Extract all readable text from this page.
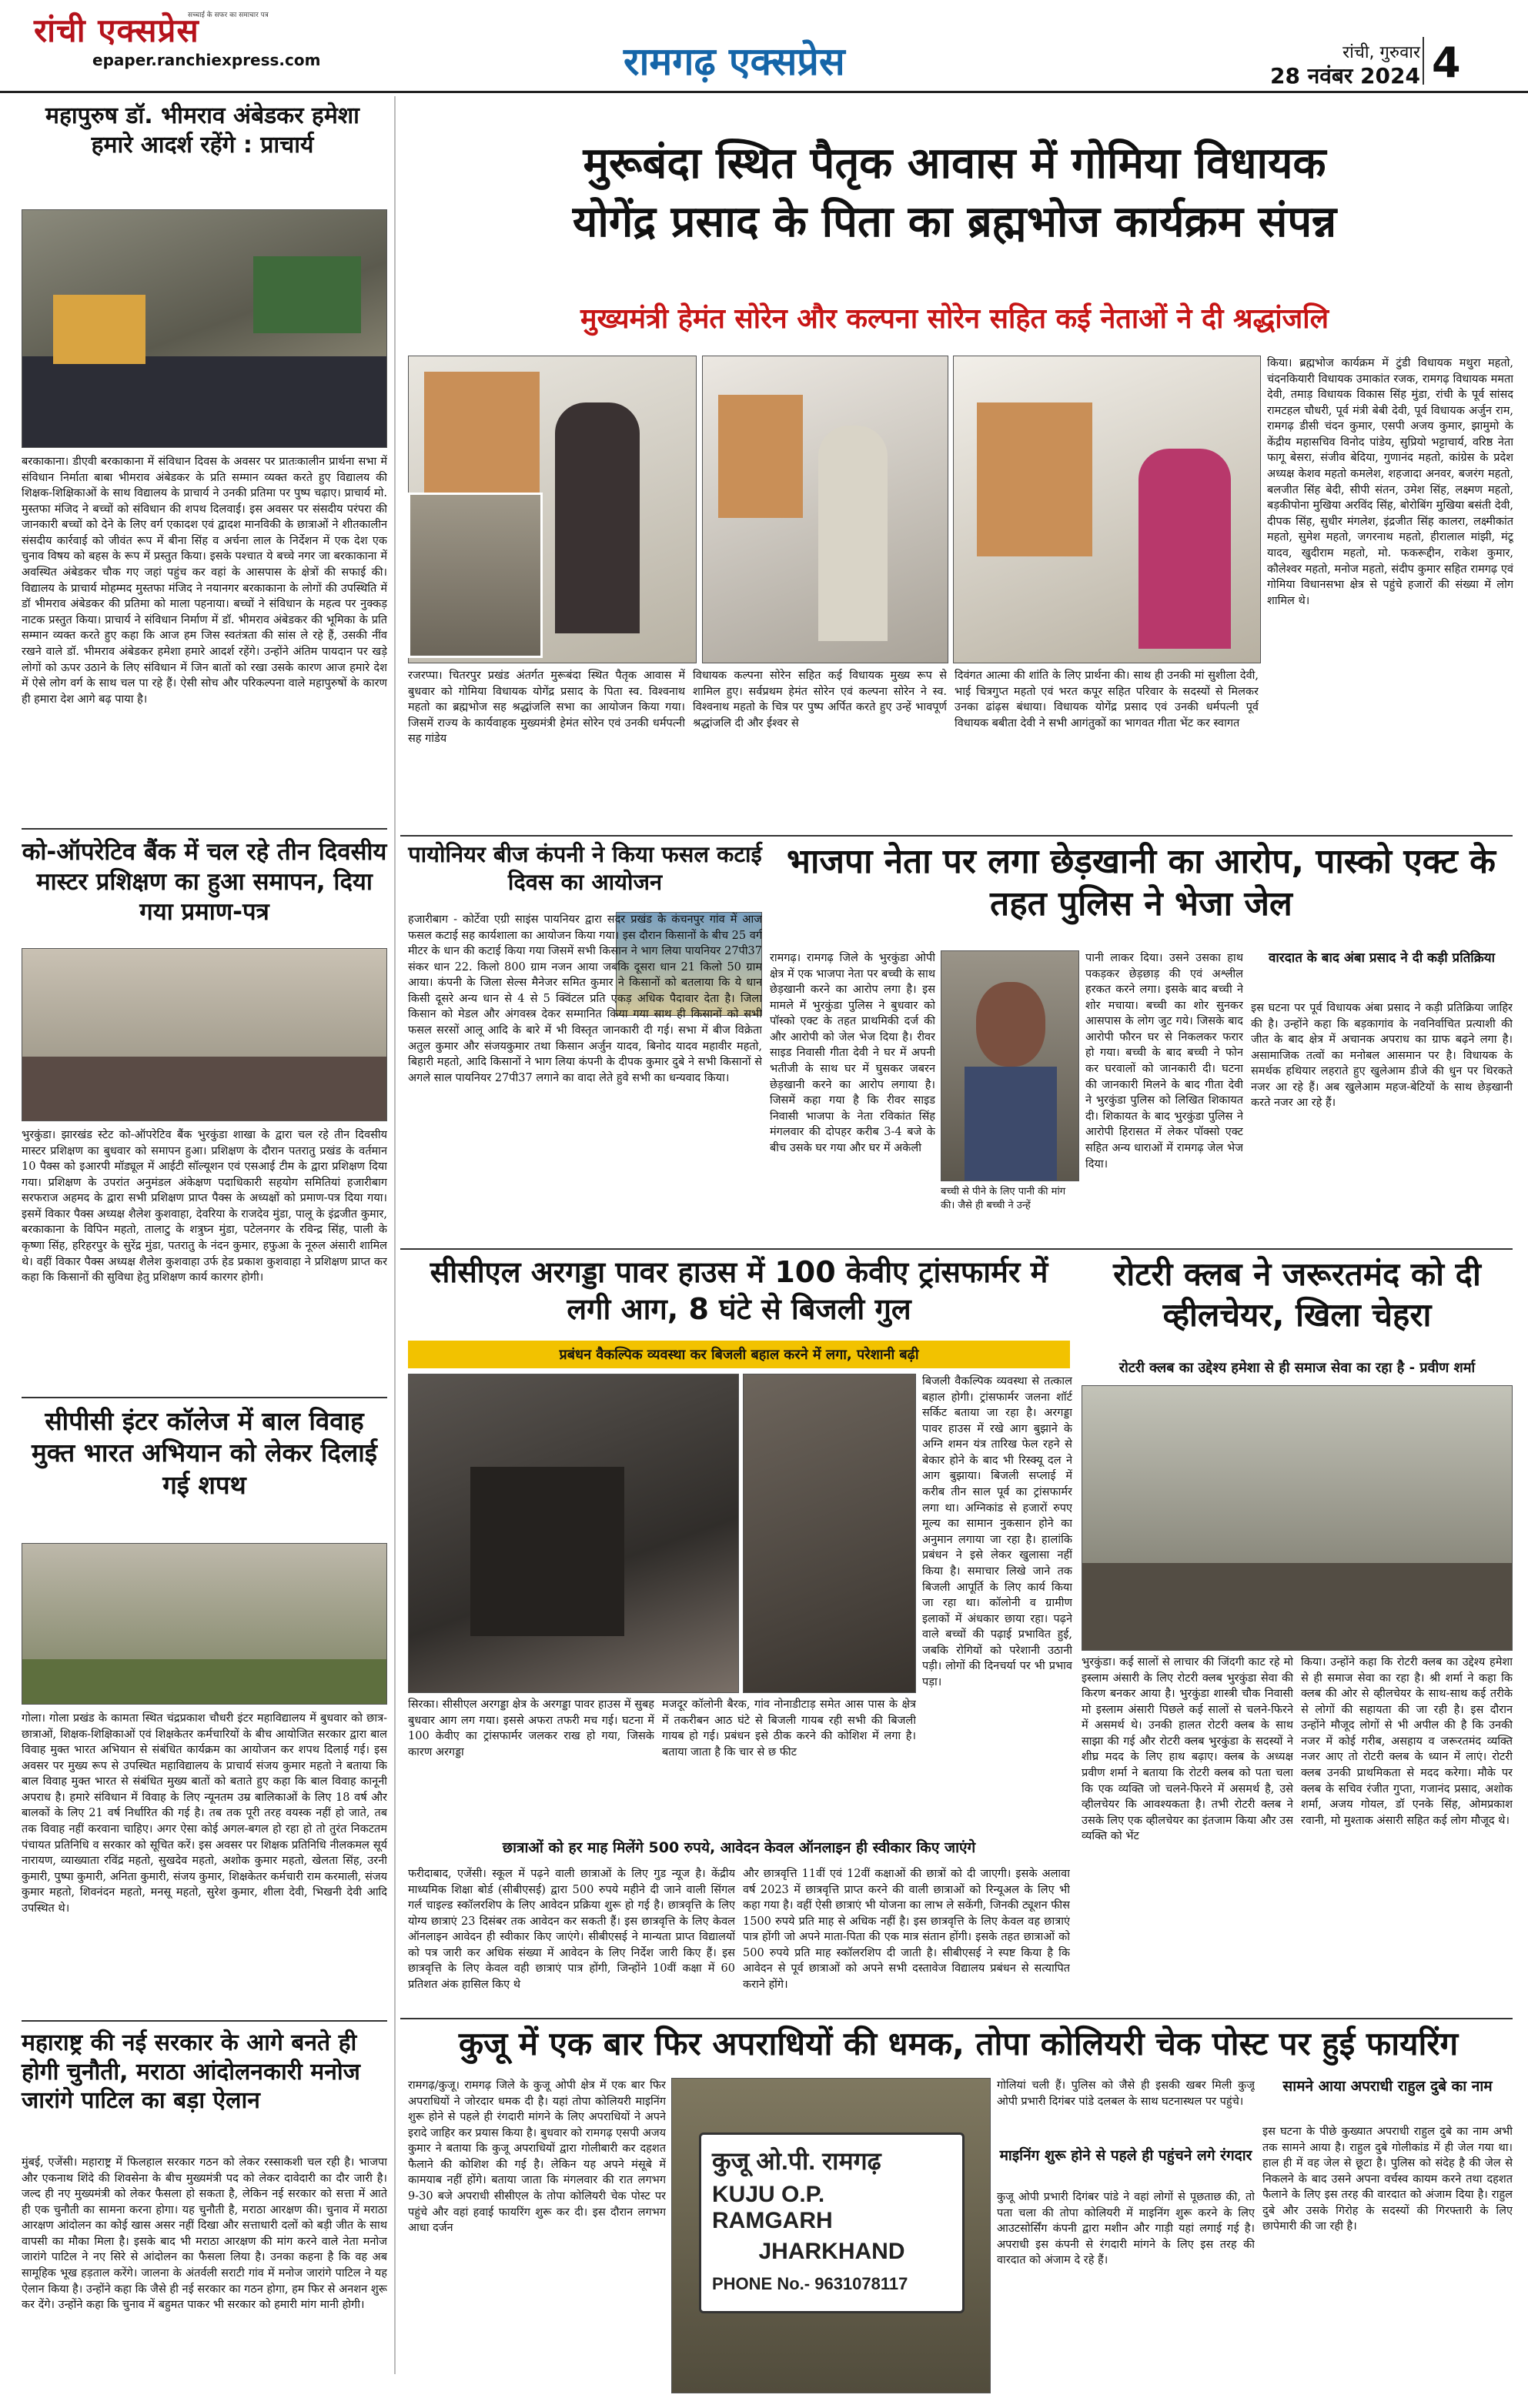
रांची एक्सप्रेस
सच्चाई के सफर का समाचार पत्र
epaper.ranchiexpress.com	रामगढ़ एक्सप्रेस	रांची, गुरुवार
28 नवंबर 2024 4
महापुरुष डॉ. भीमराव अंबेडकर हमेशा हमारे आदर्श रहेंगे : प्राचार्य
बरकाकाना। डीएवी बरकाकाना में संविधान दिवस के अवसर पर प्रातःकालीन प्रार्थना सभा में संविधान निर्माता बाबा भीमराव अंबेडकर के प्रति सम्मान व्यक्त करते हुए विद्यालय की शिक्षक-शिक्षिकाओं के साथ विद्यालय के प्राचार्य ने उनकी प्रतिमा पर पुष्प चढ़ाए। प्राचार्य मो. मुस्तफा मंजिद ने बच्चों को संविधान की शपथ दिलवाई। इस अवसर पर संसदीय परंपरा की जानकारी बच्चों को देने के लिए वर्ग एकादश एवं द्वादश मानविकी के छात्राओं ने शीतकालीन संसदीय कार्रवाई को जीवंत रूप में बीना सिंह व अर्चना लाल के निर्देशन में एक देश एक चुनाव विषय को बहस के रूप में प्रस्तुत किया। इसके पश्चात ये बच्चे नगर जा बरकाकाना में अवस्थित अंबेडकर चौक गए जहां पहुंच कर वहां के आसपास के क्षेत्रों की सफाई की। विद्यालय के प्राचार्य मोहम्मद मुस्तफा मंजिद ने नयानगर बरकाकाना के लोगों की उपस्थिति में डॉ भीमराव अंबेडकर की प्रतिमा को माला पहनाया। बच्चों ने संविधान के महत्व पर नुक्कड़ नाटक प्रस्तुत किया। प्राचार्य ने संविधान निर्माण में डॉ. भीमराव अंबेडकर की भूमिका के प्रति सम्मान व्यक्त करते हुए कहा कि आज हम जिस स्वतंत्रता की सांस ले रहे हैं, उसकी नींव रखने वाले डॉ. भीमराव अंबेडकर हमेशा हमारे आदर्श रहेंगे। उन्होंने अंतिम पायदान पर खड़े लोगों को ऊपर उठाने के लिए संविधान में जिन बातों को रखा उसके कारण आज हमारे देश में ऐसे लोग वर्ग के साथ चल पा रहे हैं। ऐसी सोच और परिकल्पना वाले महापुरुषों के कारण ही हमारा देश आगे बढ़ पाया है।
को-ऑपरेटिव बैंक में चल रहे तीन दिवसीय मास्टर प्रशिक्षण का हुआ समापन, दिया गया प्रमाण-पत्र
भुरकुंडा। झारखंड स्टेट को-ऑपरेटिव बैंक भुरकुंडा शाखा के द्वारा चल रहे तीन दिवसीय मास्टर प्रशिक्षण का बुधवार को समापन हुआ। प्रशिक्षण के दौरान पतरातु प्रखंड के वर्तमान 10 पैक्स को इआरपी मॉड्यूल में आईटी सॉल्यूशन एवं एसआई टीम के द्वारा प्रशिक्षण दिया गया। प्रशिक्षण के उपरांत अनुमंडल अंकेक्षण पदाधिकारी सहयोग समितियां हजारीबाग सरफराज अहमद के द्वारा सभी प्रशिक्षण प्राप्त पैक्स के अध्यक्षों को प्रमाण-पत्र दिया गया। इसमें विकार पैक्स अध्यक्ष शैलेश कुशवाहा, देवरिया के राजदेव मुंडा, पालू के इंद्रजीत कुमार, बरकाकाना के विपिन महतो, तालाटु के शत्रुघ्न मुंडा, पटेलनगर के रविन्द्र सिंह, पाली के कृष्णा सिंह, हरिहरपुर के सुरेंद्र मुंडा, पतरातु के नंदन कुमार, हफुआ के नूरुल अंसारी शामिल थे। वहीं विकार पैक्स अध्यक्ष शैलेश कुशवाहा उर्फ हेड प्रकाश कुशवाहा ने प्रशिक्षण प्राप्त कर कहा कि किसानों की सुविधा हेतु प्रशिक्षण कार्य कारगर होगी।
सीपीसी इंटर कॉलेज में बाल विवाह मुक्त भारत अभियान को लेकर दिलाई गई शपथ
गोला। गोला प्रखंड के कामता स्थित चंद्रप्रकाश चौधरी इंटर महाविद्यालय में बुधवार को छात्र-छात्राओं, शिक्षक-शिक्षिकाओं एवं शिक्षकेतर कर्मचारियों के बीच आयोजित सरकार द्वारा बाल विवाह मुक्त भारत अभियान से संबंधित कार्यक्रम का आयोजन कर शपथ दिलाई गई। इस अवसर पर मुख्य रूप से उपस्थित महाविद्यालय के प्राचार्य संजय कुमार महतो ने बताया कि बाल विवाह मुक्त भारत से संबंधित मुख्य बातों को बताते हुए कहा कि बाल विवाह कानूनी अपराध है। हमारे संविधान में विवाह के लिए न्यूनतम उम्र बालिकाओं के लिए 18 वर्ष और बालकों के लिए 21 वर्ष निर्धारित की गई है। तब तक पूरी तरह वयस्क नहीं हो जाते, तब तक विवाह नहीं करवाना चाहिए। अगर ऐसा कोई अगल-बगल हो रहा हो तो तुरंत निकटतम पंचायत प्रतिनिधि व सरकार को सूचित करें। इस अवसर पर शिक्षक प्रतिनिधि नीलकमल सूर्य नारायण, व्याख्याता रविंद्र महतो, सुखदेव महतो, अशोक कुमार महतो, खेलता सिंह, उरनी कुमारी, पुष्पा कुमारी, अनिता कुमारी, संजय कुमार, शिक्षकेतर कर्मचारी राम करमाली, संजय कुमार महतो, शिवनंदन महतो, मनसू महतो, सुरेश कुमार, शीला देवी, भिखनी देवी आदि उपस्थित थे।
महाराष्ट्र की नई सरकार के आगे बनते ही होगी चुनौती, मराठा आंदोलनकारी मनोज जारांगे पाटिल का बड़ा ऐलान
मुंबई, एजेंसी। महाराष्ट्र में फिलहाल सरकार गठन को लेकर रस्साकशी चल रही है। भाजपा और एकनाथ शिंदे की शिवसेना के बीच मुख्यमंत्री पद को लेकर दावेदारी का दौर जारी है। जल्द ही नए मुख्यमंत्री को लेकर फैसला हो सकता है, लेकिन नई सरकार को सत्ता में आते ही एक चुनौती का सामना करना होगा। यह चुनौती है, मराठा आरक्षण की। चुनाव में मराठा आरक्षण आंदोलन का कोई खास असर नहीं दिखा और सत्ताधारी दलों को बड़ी जीत के साथ वापसी का मौका मिला है। इसके बाद भी मराठा आरक्षण की मांग करने वाले नेता मनोज जारांगे पाटिल ने नए सिरे से आंदोलन का फैसला लिया है। उनका कहना है कि वह अब सामूहिक भूख हड़ताल करेंगे। जालना के अंतर्वली सराटी गांव में मनोज जारांगे पाटिल ने यह ऐलान किया है। उन्होंने कहा कि जैसे ही नई सरकार का गठन होगा, हम फिर से अनशन शुरू कर देंगे। उन्होंने कहा कि चुनाव में बहुमत पाकर भी सरकार को हमारी मांग मानी होगी।
मुरूबंदा स्थित पैतृक आवास में गोमिया विधायक
योगेंद्र प्रसाद के पिता का ब्रह्मभोज कार्यक्रम संपन्न
मुख्यमंत्री हेमंत सोरेन और कल्पना सोरेन सहित कई नेताओं ने दी श्रद्धांजलि
किया। ब्रह्मभोज कार्यक्रम में टुंडी विधायक मथुरा महतो, चंदनकियारी विधायक उमाकांत रजक, रामगढ़ विधायक ममता देवी, तमाड़ विधायक विकास सिंह मुंडा, रांची के पूर्व सांसद रामटहल चौधरी, पूर्व मंत्री बेबी देवी, पूर्व विधायक अर्जुन राम, रामगढ़ डीसी चंदन कुमार, एसपी अजय कुमार, झामुमो के केंद्रीय महासचिव विनोद पांडेय, सुप्रियो भट्टाचार्य, वरिष्ठ नेता फागू बेसरा, संजीव बेदिया, गुणानंद महतो, कांग्रेस के प्रदेश अध्यक्ष केशव महतो कमलेश, शहजादा अनवर, बजरंग महतो, बलजीत सिंह बेदी, सीपी संतन, उमेश सिंह, लक्ष्मण महतो, बड़कीपोना मुखिया अरविंद सिंह, बोरोबिंग मुखिया बसंती देवी, दीपक सिंह, सुधीर मंगलेश, इंद्रजीत सिंह कालरा, लक्ष्मीकांत महतो, सुमेश महतो, जगरनाथ महतो, हीरालाल मांझी, मंटू यादव, खुदीराम महतो, मो. फकरूद्दीन, राकेश कुमार, कौलेश्वर महतो, मनोज महतो, संदीप कुमार सहित रामगढ़ एवं गोमिया विधानसभा क्षेत्र से पहुंचे हजारों की संख्या में लोग शामिल थे।
रजरप्पा। चितरपुर प्रखंड अंतर्गत मुरूबंदा स्थित पैतृक आवास में बुधवार को गोमिया विधायक योगेंद्र प्रसाद के पिता स्व. विश्वनाथ महतो का ब्रह्मभोज सह श्रद्धांजलि सभा का आयोजन किया गया। जिसमें राज्य के कार्यवाहक मुख्यमंत्री हेमंत सोरेन एवं उनकी धर्मपत्नी सह गांडेय
विधायक कल्पना सोरेन सहित कई विधायक मुख्य रूप से शामिल हुए। सर्वप्रथम हेमंत सोरेन एवं कल्पना सोरेन ने स्व. विश्वनाथ महतो के चित्र पर पुष्प अर्पित करते हुए उन्हें भावपूर्ण श्रद्धांजलि दी और ईश्वर से
दिवंगत आत्मा की शांति के लिए प्रार्थना की। साथ ही उनकी मां सुशीला देवी, भाई चित्रगुप्त महतो एवं भरत कपूर सहित परिवार के सदस्यों से मिलकर उनका ढांढ़स बंधाया। विधायक योगेंद्र प्रसाद एवं उनकी धर्मपत्नी पूर्व विधायक बबीता देवी ने सभी आगंतुकों का भागवत गीता भेंट कर स्वागत
पायोनियर बीज कंपनी ने किया फसल कटाई दिवस का आयोजन
हजारीबाग - कोर्टेवा एग्री साइंस पायनियर द्वारा सदर प्रखंड के कंचनपुर गांव में आज फसल कटाई सह कार्यशाला का आयोजन किया गया। इस दौरान किसानों के बीच 25 वर्ग मीटर के धान की कटाई किया गया जिसमें सभी किसान ने भाग लिया पायनियर 27पी37 संकर धान 22. किलो 800 ग्राम नजन आया जबकि दूसरा धान 21 किलो 50 ग्राम आया। कंपनी के जिला सेल्स मैनेजर समित कुमार ने किसानों को बतलाया कि ये धान किसी दूसरे अन्य धान से 4 से 5 क्विंटल प्रति एकड़ अधिक पैदावार देता है। जिला किसान को मेडल और अंगवस्त्र देकर सम्मानित किया गया साथ ही किसानों को सभी फसल सरसों आलू आदि के बारे में भी विस्तृत जानकारी दी गई। सभा में बीज विक्रेता अतुल कुमार और संजयकुमार तथा किसान अर्जुन यादव, बिनोद यादव महावीर महतो, बिहारी महतो, आदि किसानों ने भाग लिया कंपनी के दीपक कुमार दुबे ने सभी किसानों से अगले साल पायनियर 27पी37 लगाने का वादा लेते हुवे सभी का धन्यवाद किया।
भाजपा नेता पर लगा छेड़खानी का आरोप, पास्को एक्ट के तहत पुलिस ने भेजा जेल
रामगढ़। रामगढ़ जिले के भुरकुंडा ओपी क्षेत्र में एक भाजपा नेता पर बच्ची के साथ छेड़खानी करने का आरोप लगा है। इस मामले में भुरकुंडा पुलिस ने बुधवार को पॉस्को एक्ट के तहत प्राथमिकी दर्ज की और आरोपी को जेल भेज दिया है। रीवर साइड निवासी गीता देवी ने घर में अपनी भतीजी के साथ घर में घुसकर जबरन छेड़खानी करने का आरोप लगाया है। जिसमें कहा गया है कि रीवर साइड निवासी भाजपा के नेता रविकांत सिंह मंगलवार की दोपहर करीब 3-4 बजे के बीच उसके घर गया और घर में अकेली
बच्ची से पीने के लिए पानी की मांग की। जैसे ही बच्ची ने उन्हें
पानी लाकर दिया। उसने उसका हाथ पकड़कर छेड़छाड़ की एवं अश्लील हरकत करने लगा। इसके बाद बच्ची ने शोर मचाया। बच्ची का शोर सुनकर आसपास के लोग जुट गये। जिसके बाद आरोपी फौरन घर से निकलकर फरार हो गया। बच्ची के बाद बच्ची ने फोन कर घरवालों को जानकारी दी। घटना की जानकारी मिलने के बाद गीता देवी ने भुरकुंडा पुलिस को लिखित शिकायत दी। शिकायत के बाद भुरकुंडा पुलिस ने आरोपी हिरासत में लेकर पॉक्सो एक्ट सहित अन्य धाराओं में रामगढ़ जेल भेज दिया।
वारदात के बाद अंबा प्रसाद ने दी कड़ी प्रतिक्रिया
इस घटना पर पूर्व विधायक अंबा प्रसाद ने कड़ी प्रतिक्रिया जाहिर की है। उन्होंने कहा कि बड़कागांव के नवनिर्वाचित प्रत्याशी की जीत के बाद क्षेत्र में अचानक अपराध का ग्राफ बढ़ने लगा है। असामाजिक तत्वों का मनोबल आसमान पर है। विधायक के समर्थक हथियार लहराते हुए खुलेआम डीजे की धुन पर थिरकते नजर आ रहे हैं। अब खुलेआम महज-बेटियों के साथ छेड़खानी करते नजर आ रहे हैं।
सीसीएल अरगड्डा पावर हाउस में 100 केवीए ट्रांसफार्मर में लगी आग, 8 घंटे से बिजली गुल
प्रबंधन वैकल्पिक व्यवस्था कर बिजली बहाल करने में लगा, परेशानी बढ़ी
बिजली वैकल्पिक व्यवस्था से तत्काल बहाल होगी। ट्रांसफार्मर जलना शॉर्ट सर्किट बताया जा रहा है। अरगड्डा पावर हाउस में रखे आग बुझाने के अग्नि शमन यंत्र तारिख फेल रहने से बेकार होने के बाद भी रिस्क्यू दल ने आग बुझाया। बिजली सप्लाई में करीब तीन साल पूर्व का ट्रांसफार्मर लगा था। अग्निकांड से हजारों रुपए मूल्य का सामान नुकसान होने का अनुमान लगाया जा रहा है। हालांकि प्रबंधन ने इसे लेकर खुलासा नहीं किया है। समाचार लिखे जाने तक बिजली आपूर्ति के लिए कार्य किया जा रहा था। कॉलोनी व ग्रामीण इलाकों में अंधकार छाया रहा। पढ़ने वाले बच्चों की पढ़ाई प्रभावित हुई, जबकि रोगियों को परेशानी उठानी पड़ी। लोगों की दिनचर्या पर भी प्रभाव पड़ा।
सिरका। सीसीएल अरगड्डा क्षेत्र के अरगड्डा पावर हाउस में सुबह बुधवार आग लग गया। इससे अफरा तफरी मच गई। घटना में 100 केवीए का ट्रांसफार्मर जलकर राख हो गया, जिसके कारण अरगड्डा
मजदूर कॉलोनी बैरक, गांव नोनाडीटाड़ समेत आस पास के क्षेत्र में तकरीबन आठ घंटे से बिजली गायब रही सभी की बिजली गायब हो गई। प्रबंधन इसे ठीक करने की कोशिश में लगा है। बताया जाता है कि चार से छ फीट
रोटरी क्लब ने जरूरतमंद को दी व्हीलचेयर, खिला चेहरा
रोटरी क्लब का उद्देश्य हमेशा से ही समाज सेवा का रहा है - प्रवीण शर्मा
भुरकुंडा। कई सालों से लाचार की जिंदगी काट रहे मो इस्लाम अंसारी के लिए रोटरी क्लब भुरकुंडा सेवा की किरण बनकर आया है। भुरकुंडा शास्त्री चौक निवासी मो इस्लाम अंसारी पिछले कई सालों से चलने-फिरने में असमर्थ थे। उनकी हालत रोटरी क्लब के साथ साझा की गई और रोटरी क्लब भुरकुंडा के सदस्यों ने शीघ्र मदद के लिए हाथ बढ़ाए। क्लब के अध्यक्ष प्रवीण शर्मा ने बताया कि रोटरी क्लब को पता चला कि एक व्यक्ति जो चलने-फिरने में असमर्थ है, उसे व्हीलचेयर कि आवश्यकता है। तभी रोटरी क्लब ने उसके लिए एक व्हीलचेयर का इंतजाम किया और उस व्यक्ति को भेंट
किया। उन्होंने कहा कि रोटरी क्लब का उद्देश्य हमेशा से ही समाज सेवा का रहा है। श्री शर्मा ने कहा कि क्लब की ओर से व्हीलचेयर के साथ-साथ कई तरीके से लोगों की सहायता की जा रही है। इस दौरान उन्होंने मौजूद लोगों से भी अपील की है कि उनकी नजर में कोई गरीब, असहाय व जरूरतमंद व्यक्ति नजर आए तो रोटरी क्लब के ध्यान में लाएं। रोटरी क्लब उनकी प्राथमिकता से मदद करेगा। मौके पर क्लब के सचिव रंजीत गुप्ता, गजानंद प्रसाद, अशोक शर्मा, अजय गोयल, डॉ एनके सिंह, ओमप्रकाश रवानी, मो मुश्ताक अंसारी सहित कई लोग मौजूद थे।
छात्राओं को हर माह मिलेंगे 500 रुपये, आवेदन केवल ऑनलाइन ही स्वीकार किए जाएंगे
फरीदाबाद, एजेंसी। स्कूल में पढ़ने वाली छात्राओं के लिए गुड न्यूज है। केंद्रीय माध्यमिक शिक्षा बोर्ड (सीबीएसई) द्वारा 500 रुपये महीने दी जाने वाली सिंगल गर्ल चाइल्ड स्कॉलरशिप के लिए आवेदन प्रक्रिया शुरू हो गई है। छात्रवृत्ति के लिए योग्य छात्राएं 23 दिसंबर तक आवेदन कर सकती हैं। इस छात्रवृत्ति के लिए केवल ऑनलाइन आवेदन ही स्वीकार किए जाएंगे। सीबीएसई ने मान्यता प्राप्त विद्यालयों को पत्र जारी कर अधिक संख्या में आवेदन के लिए निर्देश जारी किए हैं। इस छात्रवृत्ति के लिए केवल वही छात्राएं पात्र होंगी, जिन्होंने 10वीं कक्षा में 60 प्रतिशत अंक हासिल किए थे
और छात्रवृत्ति 11वीं एवं 12वीं कक्षाओं की छात्रों को दी जाएगी। इसके अलावा वर्ष 2023 में छात्रवृत्ति प्राप्त करने की वाली छात्राओं को रिन्यूअल के लिए भी कहा गया है। वहीं ऐसी छात्राएं भी योजना का लाभ ले सकेंगी, जिनकी ट्यूशन फीस 1500 रुपये प्रति माह से अधिक नहीं है। इस छात्रवृत्ति के लिए केवल वह छात्राएं पात्र होंगी जो अपने माता-पिता की एक मात्र संतान होंगी। इसके तहत छात्राओं को 500 रुपये प्रति माह स्कॉलरशिप दी जाती है। सीबीएसई ने स्पष्ट किया है कि आवेदन से पूर्व छात्राओं को अपने सभी दस्तावेज विद्यालय प्रबंधन से सत्यापित कराने होंगे।
कुजू में एक बार फिर अपराधियों की धमक, तोपा कोलियरी चेक पोस्ट पर हुई फायरिंग
रामगढ़/कुजू। रामगढ़ जिले के कुजू ओपी क्षेत्र में एक बार फिर अपराधियों ने जोरदार धमक दी है। यहां तोपा कोलियरी माइनिंग शुरू होने से पहले ही रंगदारी मांगने के लिए अपराधियों ने अपने इरादे जाहिर कर प्रयास किया है। बुधवार को रामगढ़ एसपी अजय कुमार ने बताया कि कुजू अपराधियों द्वारा गोलीबारी कर दहशत फैलाने की कोशिश की गई है। लेकिन यह अपने मंसूबे में कामयाब नहीं होंगे। बताया जाता कि मंगलवार की रात लगभग 9-30 बजे अपराधी सीसीएल के तोपा कोलियरी चेक पोस्ट पर पहुंचे और वहां हवाई फायरिंग शुरू कर दी। इस दौरान लगभग आधा दर्जन
कुजू ओ.पी. रामगढ़
KUJU O.P. RAMGARH
JHARKHAND
PHONE No.- 9631078117
गोलियां चली हैं। पुलिस को जैसे ही इसकी खबर मिली कुजू ओपी प्रभारी दिगंबर पांडे दलबल के साथ घटनास्थल पर पहुंचे।
माइनिंग शुरू होने से पहले ही पहुंचने लगे रंगदार
कुजू ओपी प्रभारी दिगंबर पांडे ने वहां लोगों से पूछताछ की, तो पता चला की तोपा कोलियरी में माइनिंग शुरू करने के लिए आउटसोर्सिंग कंपनी द्वारा मशीन और गाड़ी यहां लगाई गई है। अपराधी इस कंपनी से रंगदारी मांगने के लिए इस तरह की वारदात को अंजाम दे रहे हैं।
सामने आया अपराधी राहुल दुबे का नाम
इस घटना के पीछे कुख्यात अपराधी राहुल दुबे का नाम अभी तक सामने आया है। राहुल दुबे गोलीकांड में ही जेल गया था। हाल ही में वह जेल से छूटा है। पुलिस को संदेह है की जेल से निकलने के बाद उसने अपना वर्चस्व कायम करने तथा दहशत फैलाने के लिए इस तरह की वारदात को अंजाम दिया है। राहुल दुबे और उसके गिरोह के सदस्यों की गिरफ्तारी के लिए छापेमारी की जा रही है।
